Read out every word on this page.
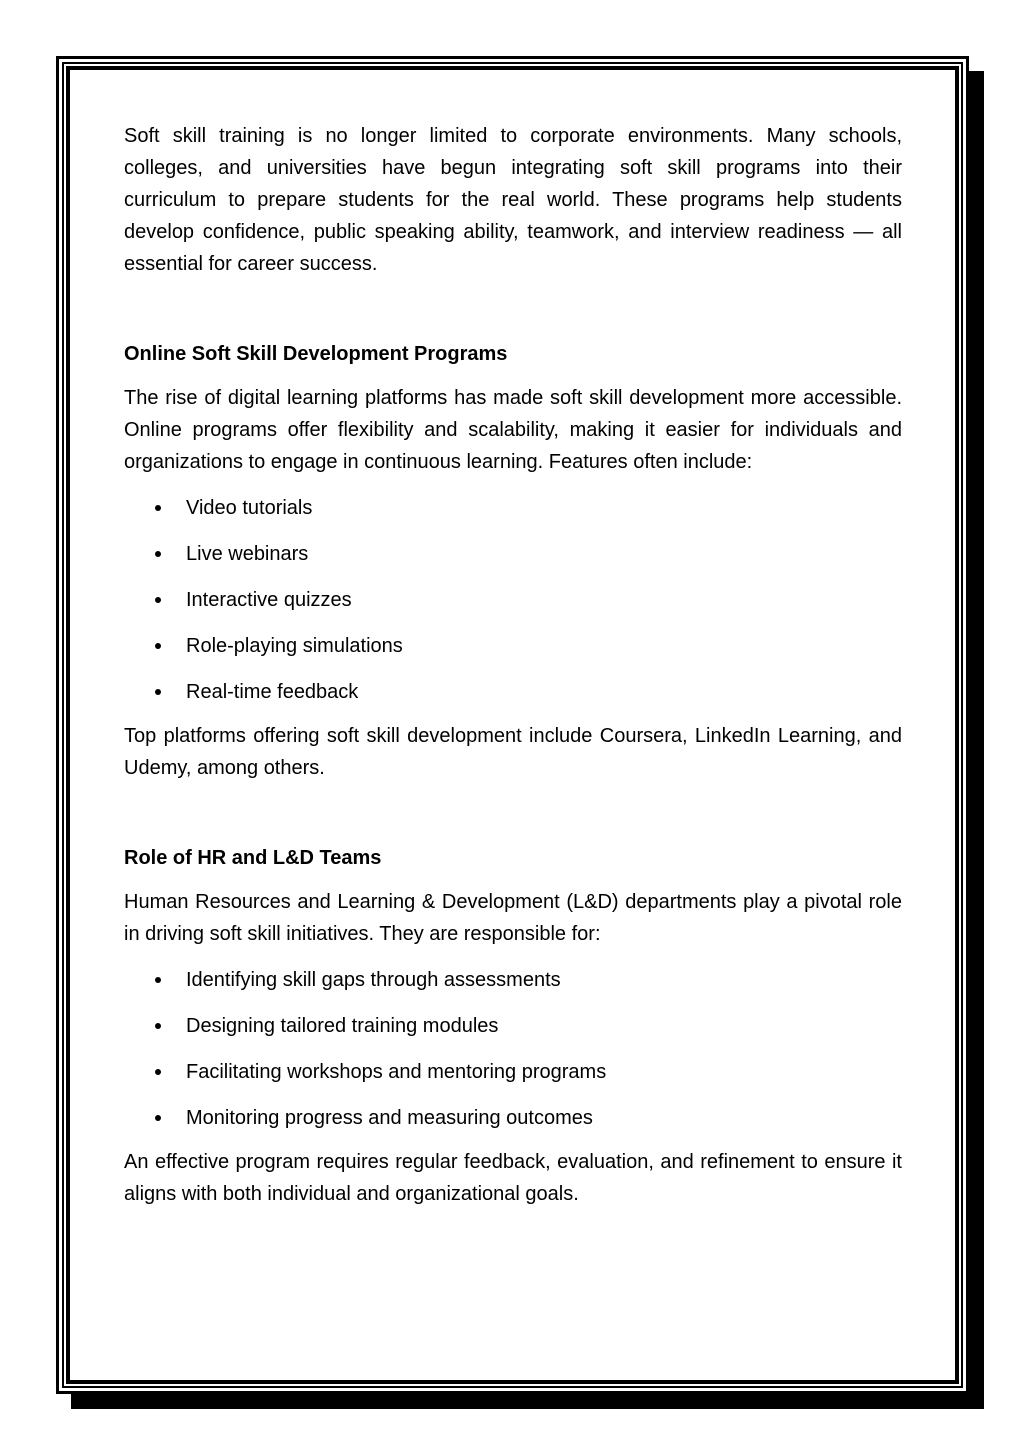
Soft skill training is no longer limited to corporate environments. Many schools, colleges, and universities have begun integrating soft skill programs into their curriculum to prepare students for the real world. These programs help students develop confidence, public speaking ability, teamwork, and interview readiness — all essential for career success.

Online Soft Skill Development Programs

The rise of digital learning platforms has made soft skill development more accessible. Online programs offer flexibility and scalability, making it easier for individuals and organizations to engage in continuous learning. Features often include:

Video tutorials
Live webinars
Interactive quizzes
Role-playing simulations
Real-time feedback

Top platforms offering soft skill development include Coursera, LinkedIn Learning, and Udemy, among others.

Role of HR and L&D Teams

Human Resources and Learning & Development (L&D) departments play a pivotal role in driving soft skill initiatives. They are responsible for:

Identifying skill gaps through assessments
Designing tailored training modules
Facilitating workshops and mentoring programs
Monitoring progress and measuring outcomes

An effective program requires regular feedback, evaluation, and refinement to ensure it aligns with both individual and organizational goals.
